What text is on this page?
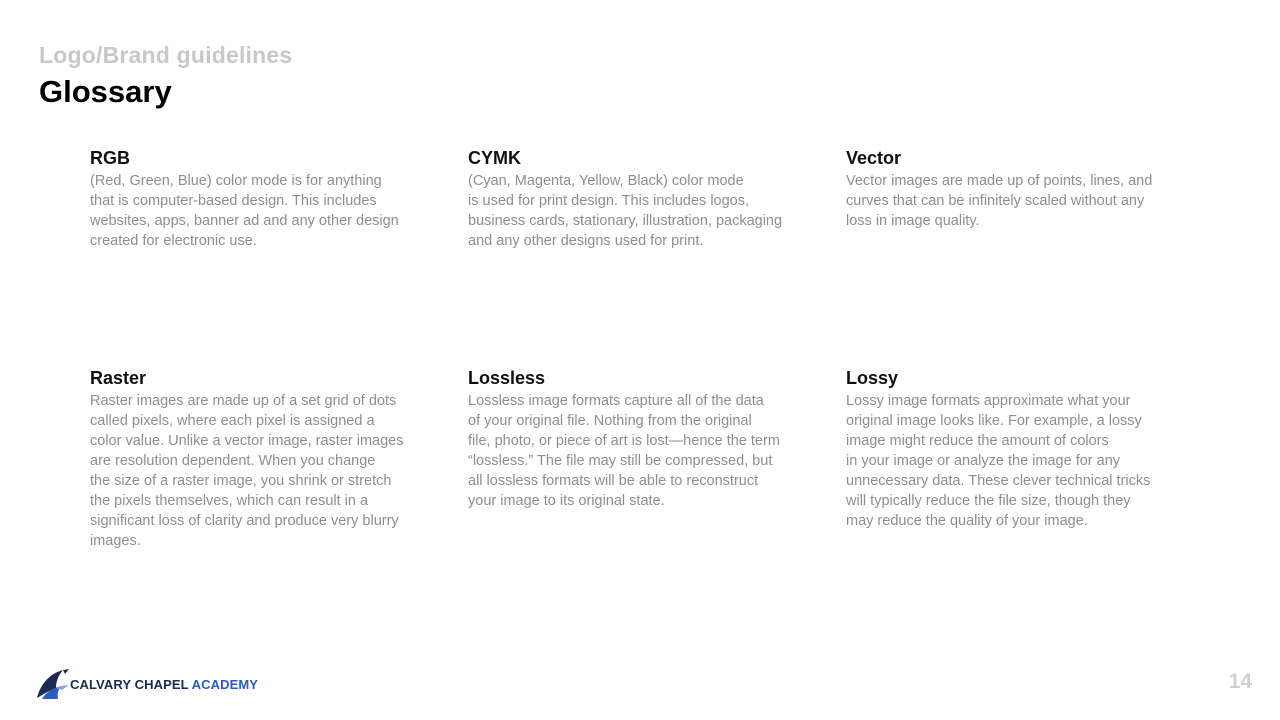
Logo/Brand guidelines
Glossary

RGB

(Red, Green, Blue) color mode is for anything
that is computer-based design. This includes
websites, apps, banner ad and any other design
created for electronic use.

CYMK

(Cyan, Magenta, Yellow, Black) color mode
is used for print design. This includes logos,
business cards, stationary, illustration, packaging
and any other designs used for print.

Vector

Vector images are made up of points, lines, and
curves that can be infinitely scaled without any
loss in image quality.

Raster

Raster images are made up of a set grid of dots
called pixels, where each pixel is assigned a
color value. Unlike a vector image, raster images
are resolution dependent. When you change
the size of a raster image, you shrink or stretch
the pixels themselves, which can result in a
significant loss of clarity and produce very blurry
images.

Lossless

Lossless image formats capture all of the data
of your original file. Nothing from the original
file, photo, or piece of art is lost—hence the term
“lossless.” The file may still be compressed, but
all lossless formats will be able to reconstruct
your image to its original state.

Lossy

Lossy image formats approximate what your
original image looks like. For example, a lossy
image might reduce the amount of colors
in your image or analyze the image for any
unnecessary data. These clever technical tricks
will typically reduce the file size, though they
may reduce the quality of your image.

CALVARY CHAPEL ACADEMY	14
